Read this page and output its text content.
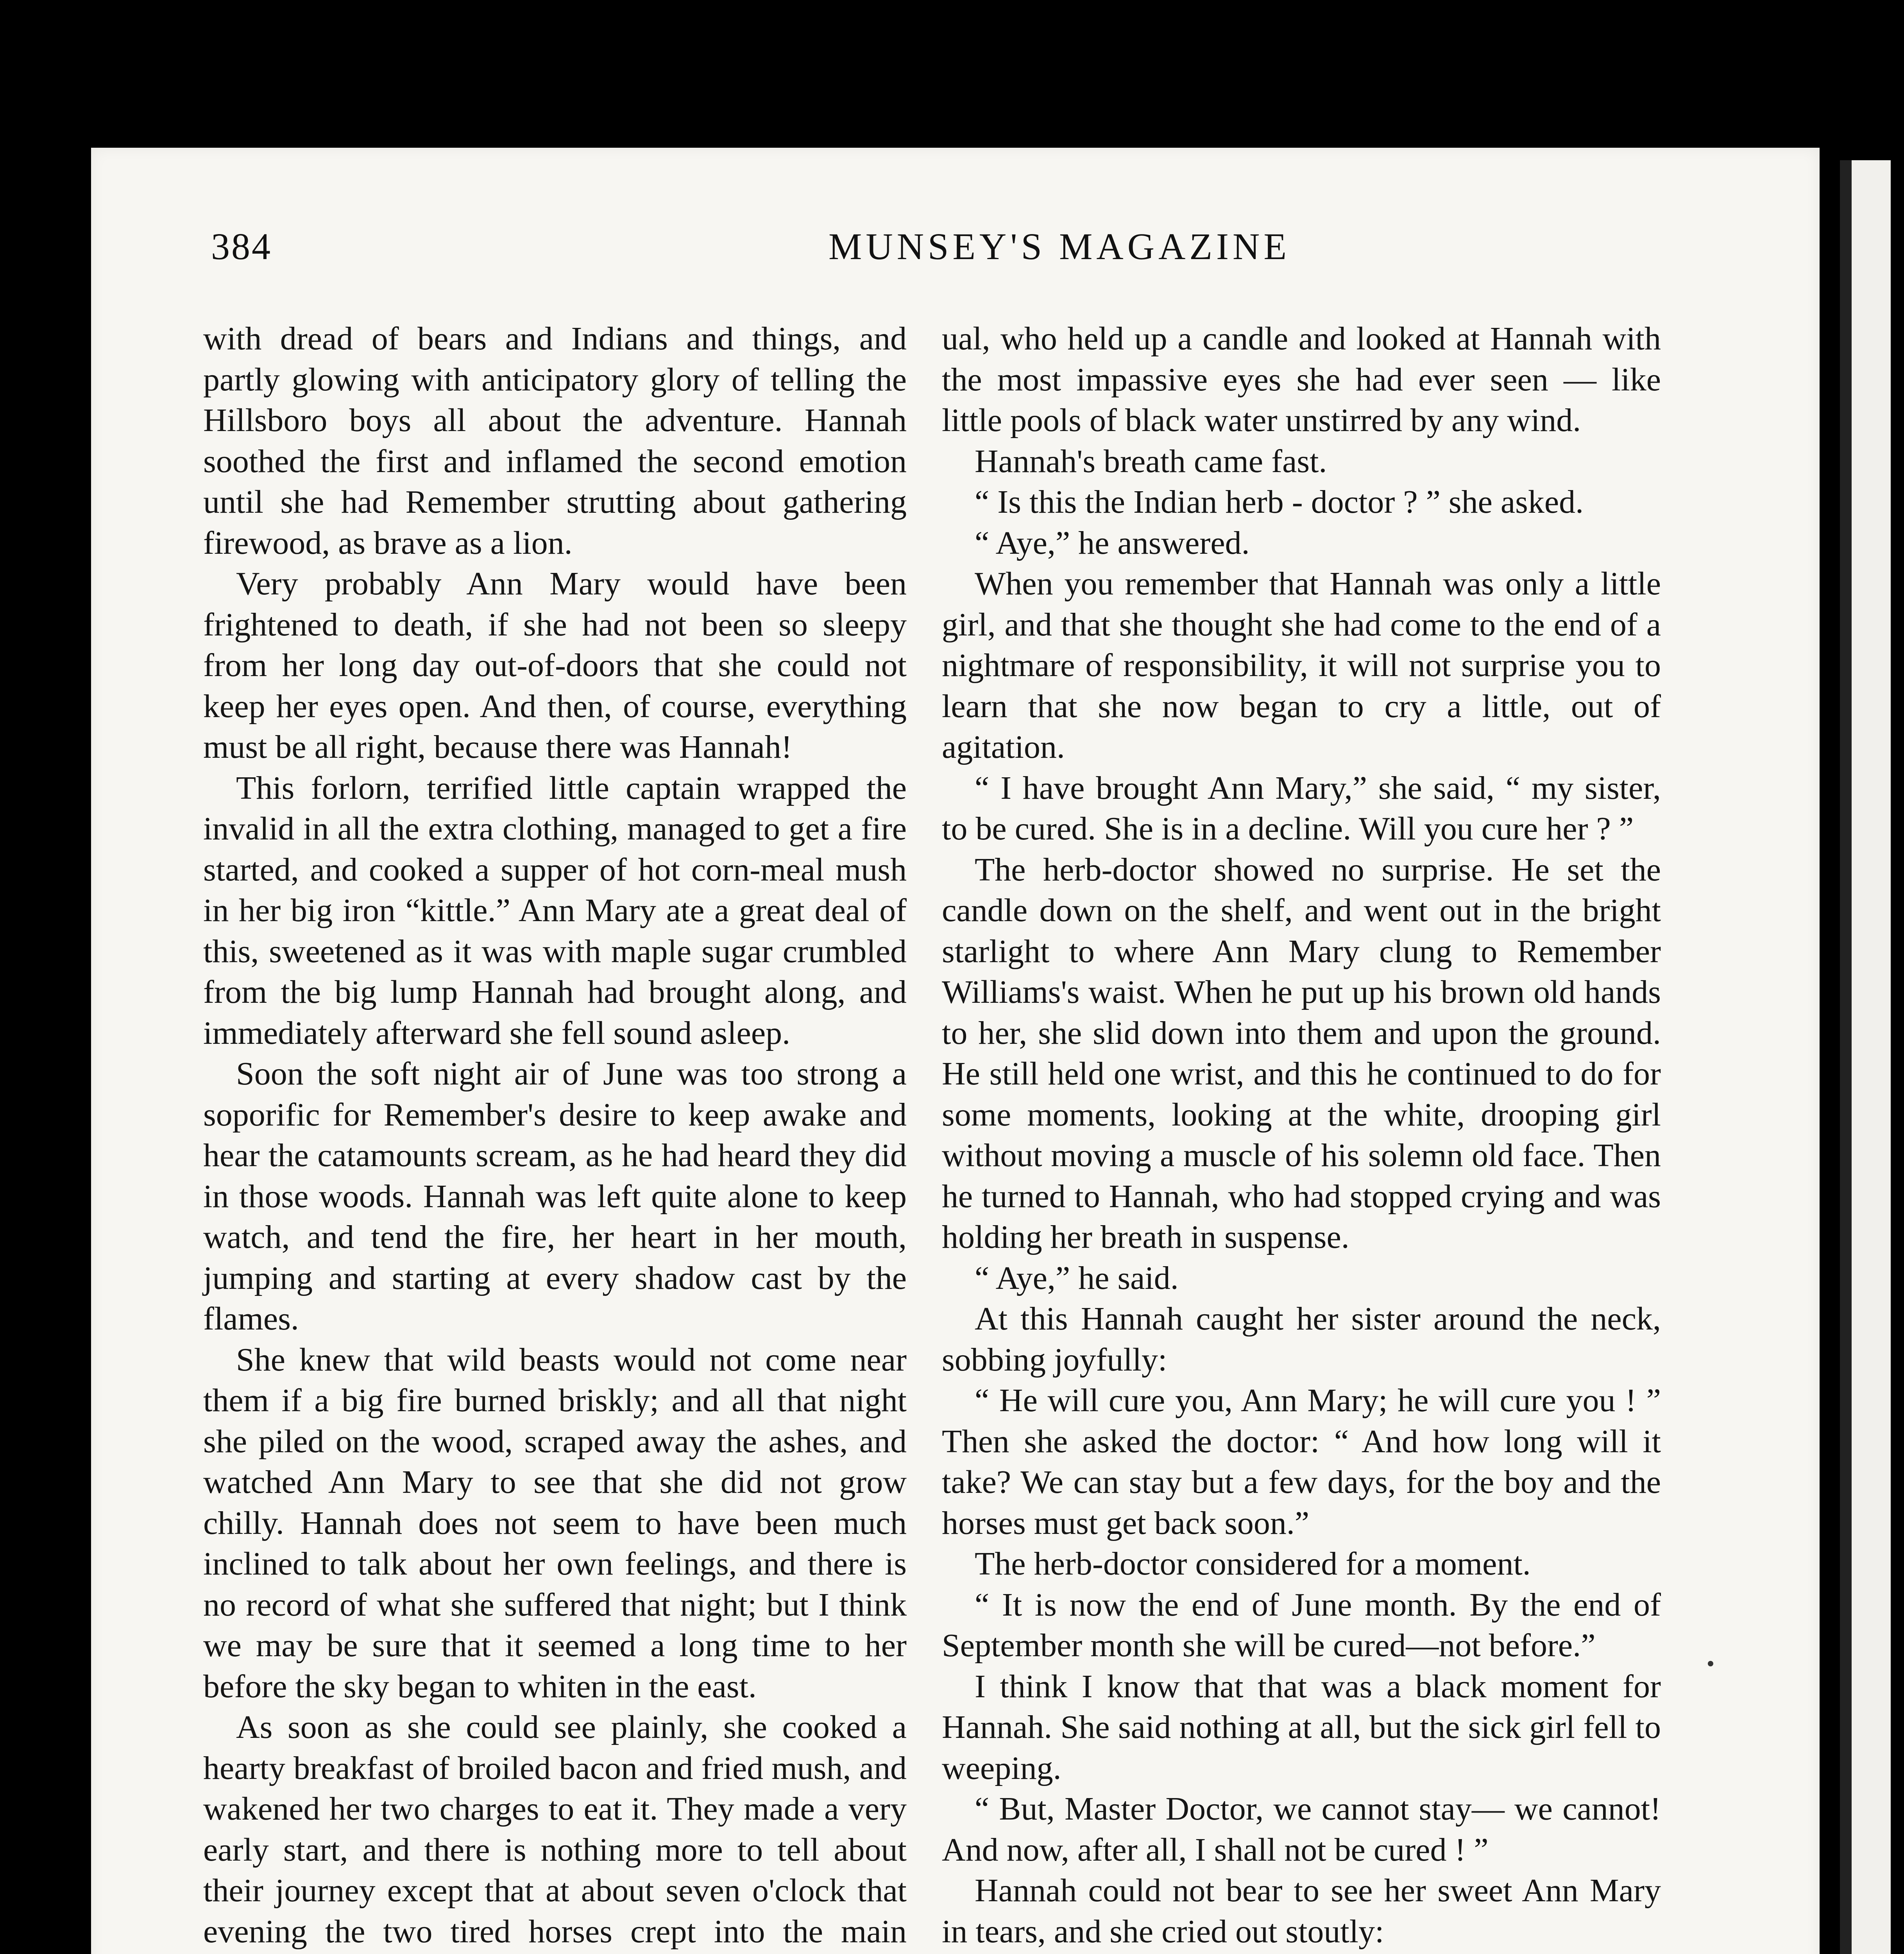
384	MUNSEY'S MAGAZINE

with dread of bears and Indians and things, and partly glowing with anticipatory glory of telling the Hillsboro boys all about the adventure. Hannah soothed the first and inflamed the second emotion until she had Remember strutting about gathering firewood, as brave as a lion.

Very probably Ann Mary would have been frightened to death, if she had not been so sleepy from her long day out-of-doors that she could not keep her eyes open. And then, of course, everything must be all right, because there was Hannah!

This forlorn, terrified little captain wrapped the invalid in all the extra clothing, managed to get a fire started, and cooked a supper of hot corn-meal mush in her big iron “kittle.” Ann Mary ate a great deal of this, sweetened as it was with maple sugar crumbled from the big lump Hannah had brought along, and immediately afterward she fell sound asleep.

Soon the soft night air of June was too strong a soporific for Remember's desire to keep awake and hear the catamounts scream, as he had heard they did in those woods. Hannah was left quite alone to keep watch, and tend the fire, her heart in her mouth, jumping and starting at every shadow cast by the flames.

She knew that wild beasts would not come near them if a big fire burned briskly; and all that night she piled on the wood, scraped away the ashes, and watched Ann Mary to see that she did not grow chilly. Hannah does not seem to have been much inclined to talk about her own feelings, and there is no record of what she suffered that night; but I think we may be sure that it seemed a long time to her before the sky began to whiten in the east.

As soon as she could see plainly, she cooked a hearty breakfast of broiled bacon and fried mush, and wakened her two charges to eat it. They made a very early start, and there is nothing more to tell about their journey except that at about seven o'clock that evening the two tired horses crept into the main

ual, who held up a candle and looked at Hannah with the most impassive eyes she had ever seen — like little pools of black water unstirred by any wind.

Hannah's breath came fast.

“ Is this the Indian herb - doctor ? ” she asked.

“ Aye,” he answered.

When you remember that Hannah was only a little girl, and that she thought she had come to the end of a nightmare of responsibility, it will not surprise you to learn that she now began to cry a little, out of agitation.

“ I have brought Ann Mary,” she said, “ my sister, to be cured. She is in a decline. Will you cure her ? ”

The herb-doctor showed no surprise. He set the candle down on the shelf, and went out in the bright starlight to where Ann Mary clung to Remember Williams's waist. When he put up his brown old hands to her, she slid down into them and upon the ground. He still held one wrist, and this he continued to do for some moments, looking at the white, drooping girl without moving a muscle of his solemn old face. Then he turned to Hannah, who had stopped crying and was holding her breath in suspense.

“ Aye,” he said.

At this Hannah caught her sister around the neck, sobbing joyfully:

“ He will cure you, Ann Mary; he will cure you ! ” Then she asked the doctor: “ And how long will it take? We can stay but a few days, for the boy and the horses must get back soon.”

The herb-doctor considered for a moment.

“ It is now the end of June month. By the end of September month she will be cured—not before.”

I think I know that that was a black moment for Hannah. She said nothing at all, but the sick girl fell to weeping.

“ But, Master Doctor, we cannot stay— we cannot! And now, after all, I shall not be cured ! ”

Hannah could not bear to see her sweet Ann Mary in tears, and she cried out stoutly:
